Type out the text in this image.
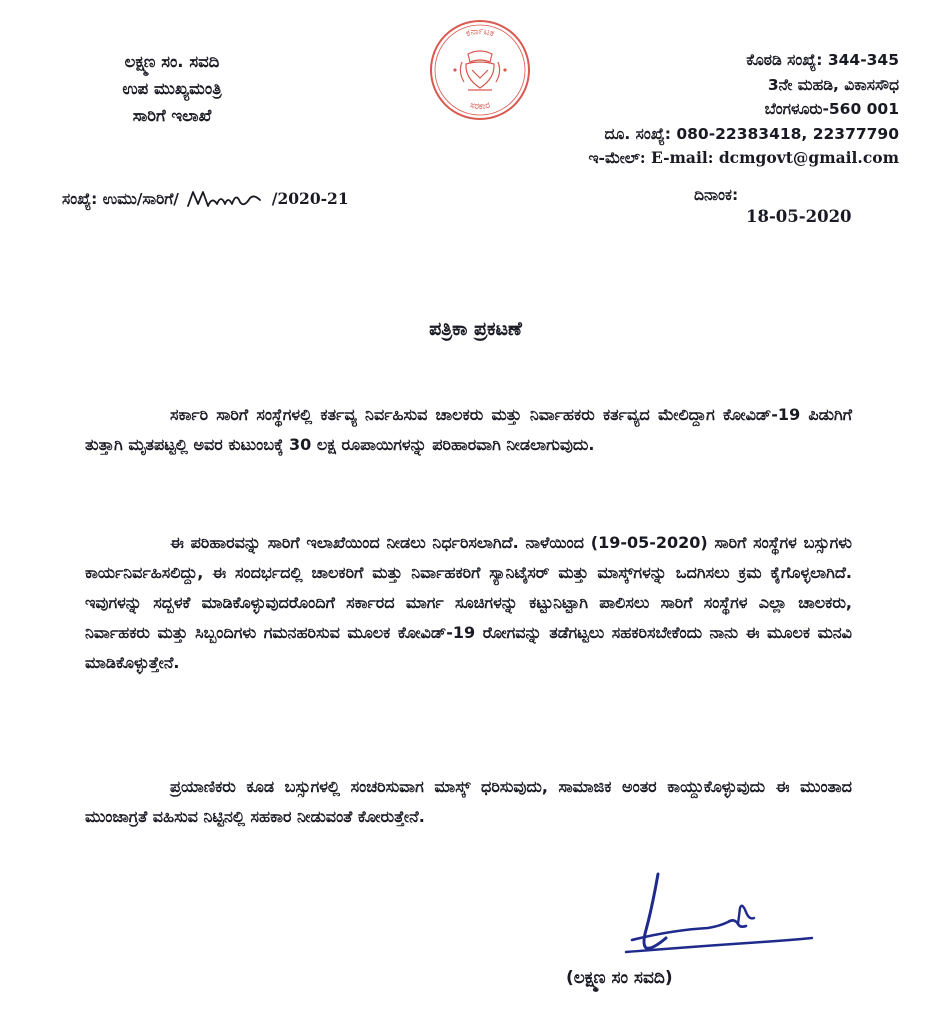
ಲಕ್ಷ್ಮಣ ಸಂ. ಸವದಿ
ಉಪ ಮುಖ್ಯಮಂತ್ರಿ
ಸಾರಿಗೆ ಇಲಾಖೆ
ಕರ್ನಾಟಕ
ಸರಕಾರ
ಕೊಠಡಿ ಸಂಖ್ಯೆ: 344-345
3ನೇ ಮಹಡಿ, ವಿಕಾಸಸೌಧ
ಬೆಂಗಳೂರು-560 001
ದೂ. ಸಂಖ್ಯೆ: 080-22383418, 22377790
ಇ-ಮೇಲ್: E-mail: dcmgovt@gmail.com
ಸಂಖ್ಯೆ: ಉಮು/ಸಾರಿಗೆ/	/2020-21	ದಿನಾಂಕ:
18-05-2020
ಪತ್ರಿಕಾ ಪ್ರಕಟಣೆ

ಸರ್ಕಾರಿ ಸಾರಿಗೆ ಸಂಸ್ಥೆಗಳಲ್ಲಿ ಕರ್ತವ್ಯ ನಿರ್ವಹಿಸುವ ಚಾಲಕರು ಮತ್ತು ನಿರ್ವಾಹಕರು ಕರ್ತವ್ಯದ ಮೇಲಿದ್ದಾಗ ಕೋವಿಡ್-19 ಪಿಡುಗಿಗೆ ತುತ್ತಾಗಿ ಮೃತಪಟ್ಟಲ್ಲಿ ಅವರ ಕುಟುಂಬಕ್ಕೆ 30 ಲಕ್ಷ ರೂಪಾಯಿಗಳನ್ನು ಪರಿಹಾರವಾಗಿ ನೀಡಲಾಗುವುದು.

ಈ ಪರಿಹಾರವನ್ನು ಸಾರಿಗೆ ಇಲಾಖೆಯಿಂದ ನೀಡಲು ನಿರ್ಧರಿಸಲಾಗಿದೆ. ನಾಳೆಯಿಂದ (19-05-2020) ಸಾರಿಗೆ ಸಂಸ್ಥೆಗಳ ಬಸ್ಸುಗಳು ಕಾರ್ಯನಿರ್ವಹಿಸಲಿದ್ದು, ಈ ಸಂದರ್ಭದಲ್ಲಿ ಚಾಲಕರಿಗೆ ಮತ್ತು ನಿರ್ವಾಹಕರಿಗೆ ಸ್ಯಾನಿಟೈಸರ್ ಮತ್ತು ಮಾಸ್ಕ್‌ಗಳನ್ನು ಒದಗಿಸಲು ಕ್ರಮ ಕೈಗೊಳ್ಳಲಾಗಿದೆ. ಇವುಗಳನ್ನು ಸದ್ಬಳಕೆ ಮಾಡಿಕೊಳ್ಳುವುದರೊಂದಿಗೆ ಸರ್ಕಾರದ ಮಾರ್ಗ ಸೂಚಿಗಳನ್ನು ಕಟ್ಟುನಿಟ್ಟಾಗಿ ಪಾಲಿಸಲು ಸಾರಿಗೆ ಸಂಸ್ಥೆಗಳ ಎಲ್ಲಾ ಚಾಲಕರು, ನಿರ್ವಾಹಕರು ಮತ್ತು ಸಿಬ್ಬಂದಿಗಳು ಗಮನಹರಿಸುವ ಮೂಲಕ ಕೋವಿಡ್-19 ರೋಗವನ್ನು ತಡೆಗಟ್ಟಲು ಸಹಕರಿಸಬೇಕೆಂದು ನಾನು ಈ ಮೂಲಕ ಮನವಿ ಮಾಡಿಕೊಳ್ಳುತ್ತೇನೆ.

ಪ್ರಯಾಣಿಕರು ಕೂಡ ಬಸ್ಸುಗಳಲ್ಲಿ ಸಂಚರಿಸುವಾಗ ಮಾಸ್ಕ್ ಧರಿಸುವುದು, ಸಾಮಾಜಿಕ ಅಂತರ ಕಾಯ್ದುಕೊಳ್ಳುವುದು ಈ ಮುಂತಾದ ಮುಂಜಾಗ್ರತೆ ವಹಿಸುವ ನಿಟ್ಟಿನಲ್ಲಿ ಸಹಕಾರ ನೀಡುವಂತೆ ಕೋರುತ್ತೇನೆ.

(ಲಕ್ಷ್ಮಣ ಸಂ ಸವದಿ)
